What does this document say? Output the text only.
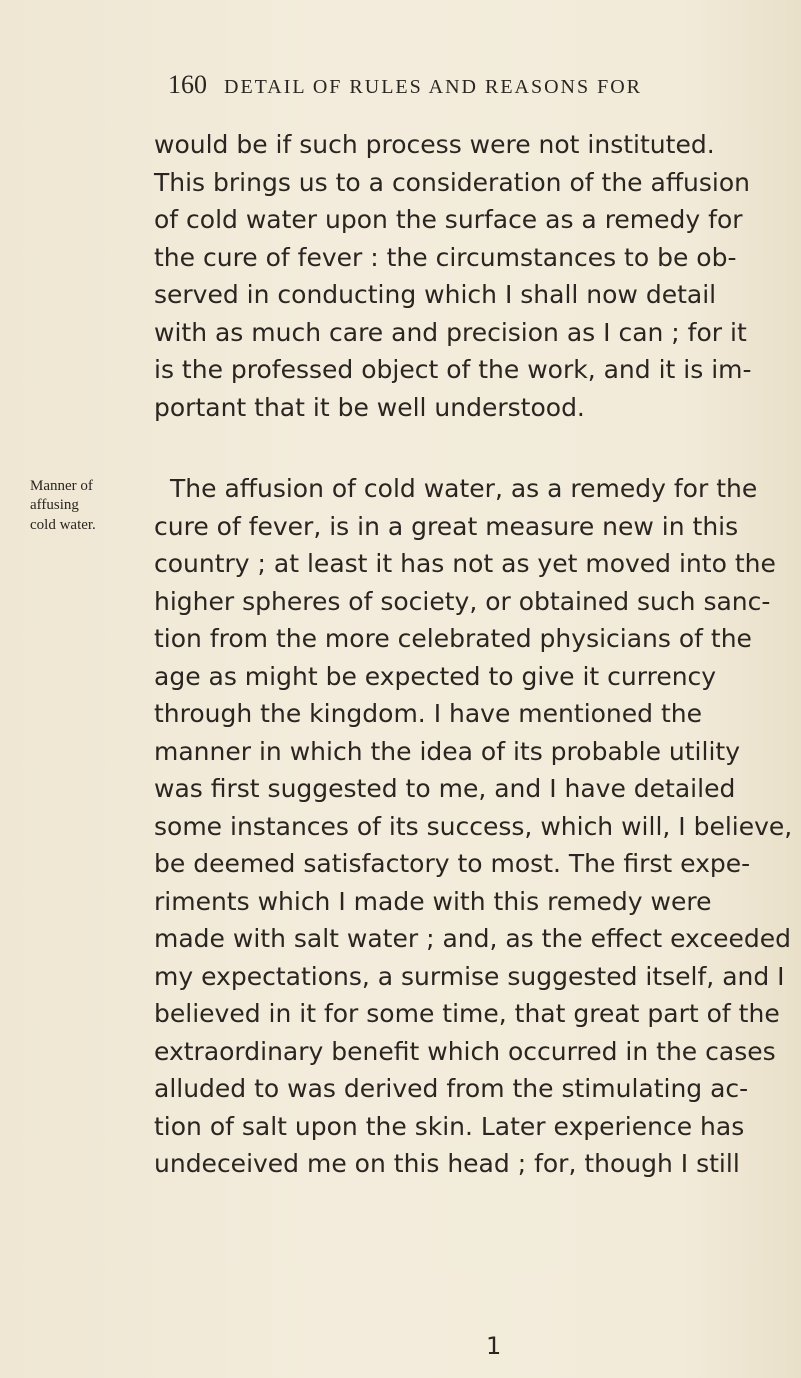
160 DETAIL OF RULES AND REASONS FOR
Manner of
affusing
cold water.
would be if such process were not instituted.
This brings us to a consideration of the affusion
of cold water upon the surface as a remedy for
the cure of fever : the circumstances to be ob-
served in conducting which I shall now detail
with as much care and precision as I can ; for it
is the professed object of the work, and it is im-
portant that it be well understood.
The affusion of cold water, as a remedy for the
cure of fever, is in a great measure new in this
country ; at least it has not as yet moved into the
higher spheres of society, or obtained such sanc-
tion from the more celebrated physicians of the
age as might be expected to give it currency
through the kingdom. I have mentioned the
manner in which the idea of its probable utility
was first suggested to me, and I have detailed
some instances of its success, which will, I believe,
be deemed satisfactory to most. The first expe-
riments which I made with this remedy were
made with salt water ; and, as the effect exceeded
my expectations, a surmise suggested itself, and I
believed in it for some time, that great part of the
extraordinary benefit which occurred in the cases
alluded to was derived from the stimulating ac-
tion of salt upon the skin. Later experience has
undeceived me on this head ; for, though I still
1
